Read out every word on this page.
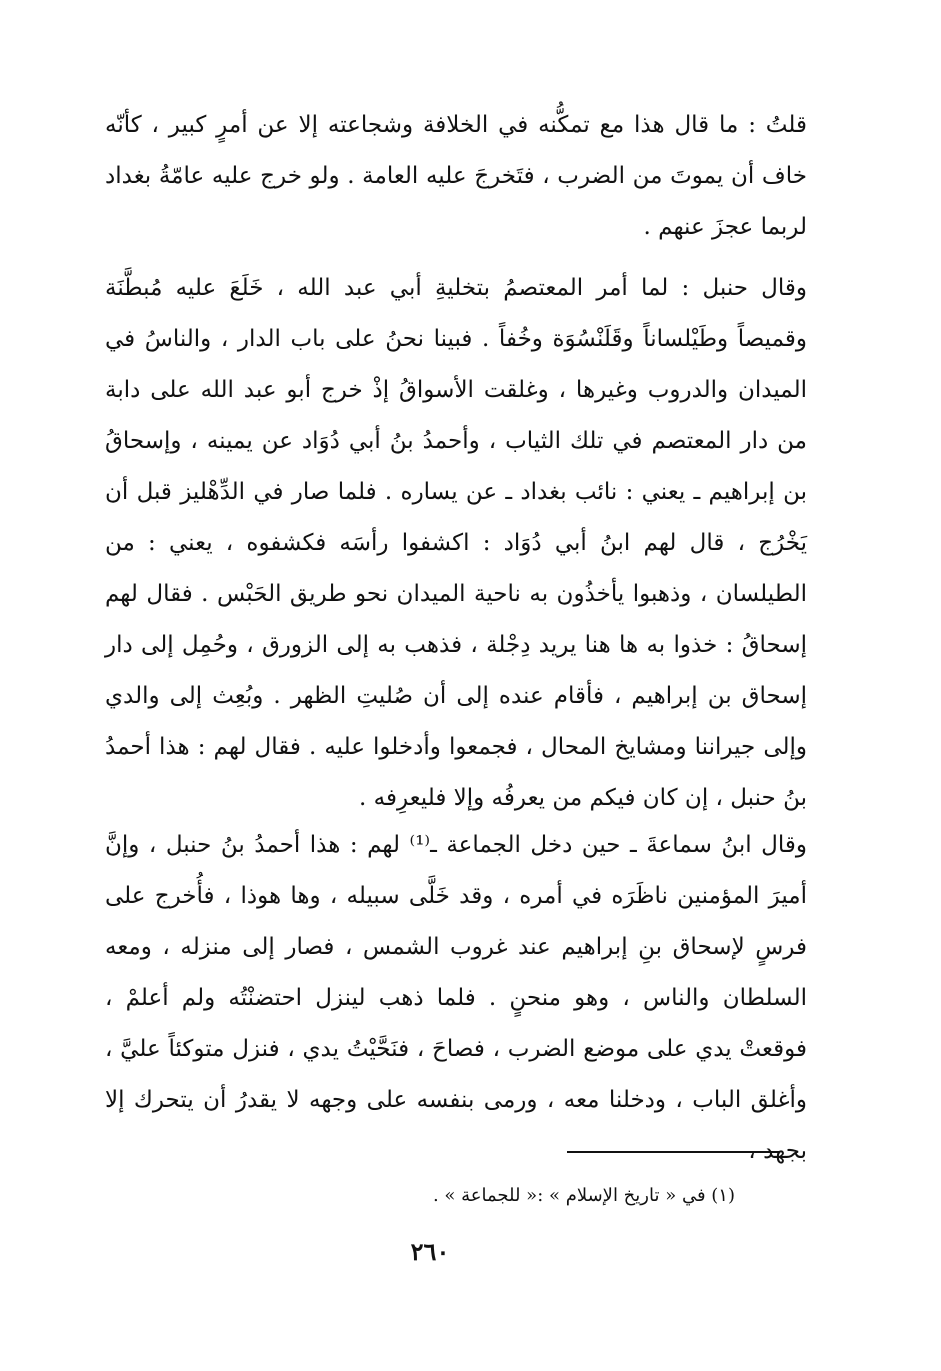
قلتُ : ما قال هذا مع تمكُّنه في الخلافة وشجاعته إلا عن أمرٍ كبير ، كأنّه خاف أن يموتَ من الضرب ، فتَخرجَ عليه العامة . ولو خرج عليه عامّةُ بغداد لربما عجزَ عنهم .

وقال حنبل : لما أمر المعتصمُ بتخليةِ أبي عبد الله ، خَلَعَ عليه مُبطَّنَة وقميصاً وطَيْلساناً وقَلَنْسُوَة وخُفاً . فبينا نحنُ على باب الدار ، والناسُ في الميدان والدروب وغيرها ، وغلقت الأسواقُ إذْ خرج أبو عبد الله على دابة من دار المعتصم في تلك الثياب ، وأحمدُ بنُ أبي دُوَاد عن يمينه ، وإسحاقُ بن إبراهيم ـ يعني : نائب بغداد ـ عن يساره . فلما صار في الدِّهْليز قبل أن يَخْرُج ، قال لهم ابنُ أبي دُوَاد : اكشفوا رأسَه فكشفوه ، يعني : من الطيلسان ، وذهبوا يأخذُون به ناحية الميدان نحو طريق الحَبْس . فقال لهم إسحاقُ : خذوا به ها هنا يريد دِجْلة ، فذهب به إلى الزورق ، وحُمِل إلى دار إسحاق بن إبراهيم ، فأقام عنده إلى أن صُليتِ الظهر . وبُعِث إلى والدي وإلى جيراننا ومشايخ المحال ، فجمعوا وأدخلوا عليه . فقال لهم : هذا أحمدُ بنُ حنبل ، إن كان فيكم من يعرفُه وإلا فليعرِفه .

وقال ابنُ سماعةَ ـ حين دخل الجماعة ـ⁽¹⁾ لهم : هذا أحمدُ بنُ حنبل ، وإنَّ أميرَ المؤمنين ناظَرَه في أمره ، وقد خَلَّى سبيله ، وها هوذا ، فأُخرج على فرسٍ لإسحاق بنِ إبراهيم عند غروب الشمس ، فصار إلى منزله ، ومعه السلطان والناس ، وهو منحنٍ . فلما ذهب لينزل احتضنْتُه ولم أعلمْ ، فوقعتْ يدي على موضع الضرب ، فصاحَ ، فنَحَّيْتُ يدي ، فنزل متوكئاً عليَّ ، وأغلق الباب ، ودخلنا معه ، ورمى بنفسه على وجهه لا يقدرُ أن يتحرك إلا بجهد ،

(١) في « تاريخ الإسلام » :« للجماعة » .
٢٦٠
